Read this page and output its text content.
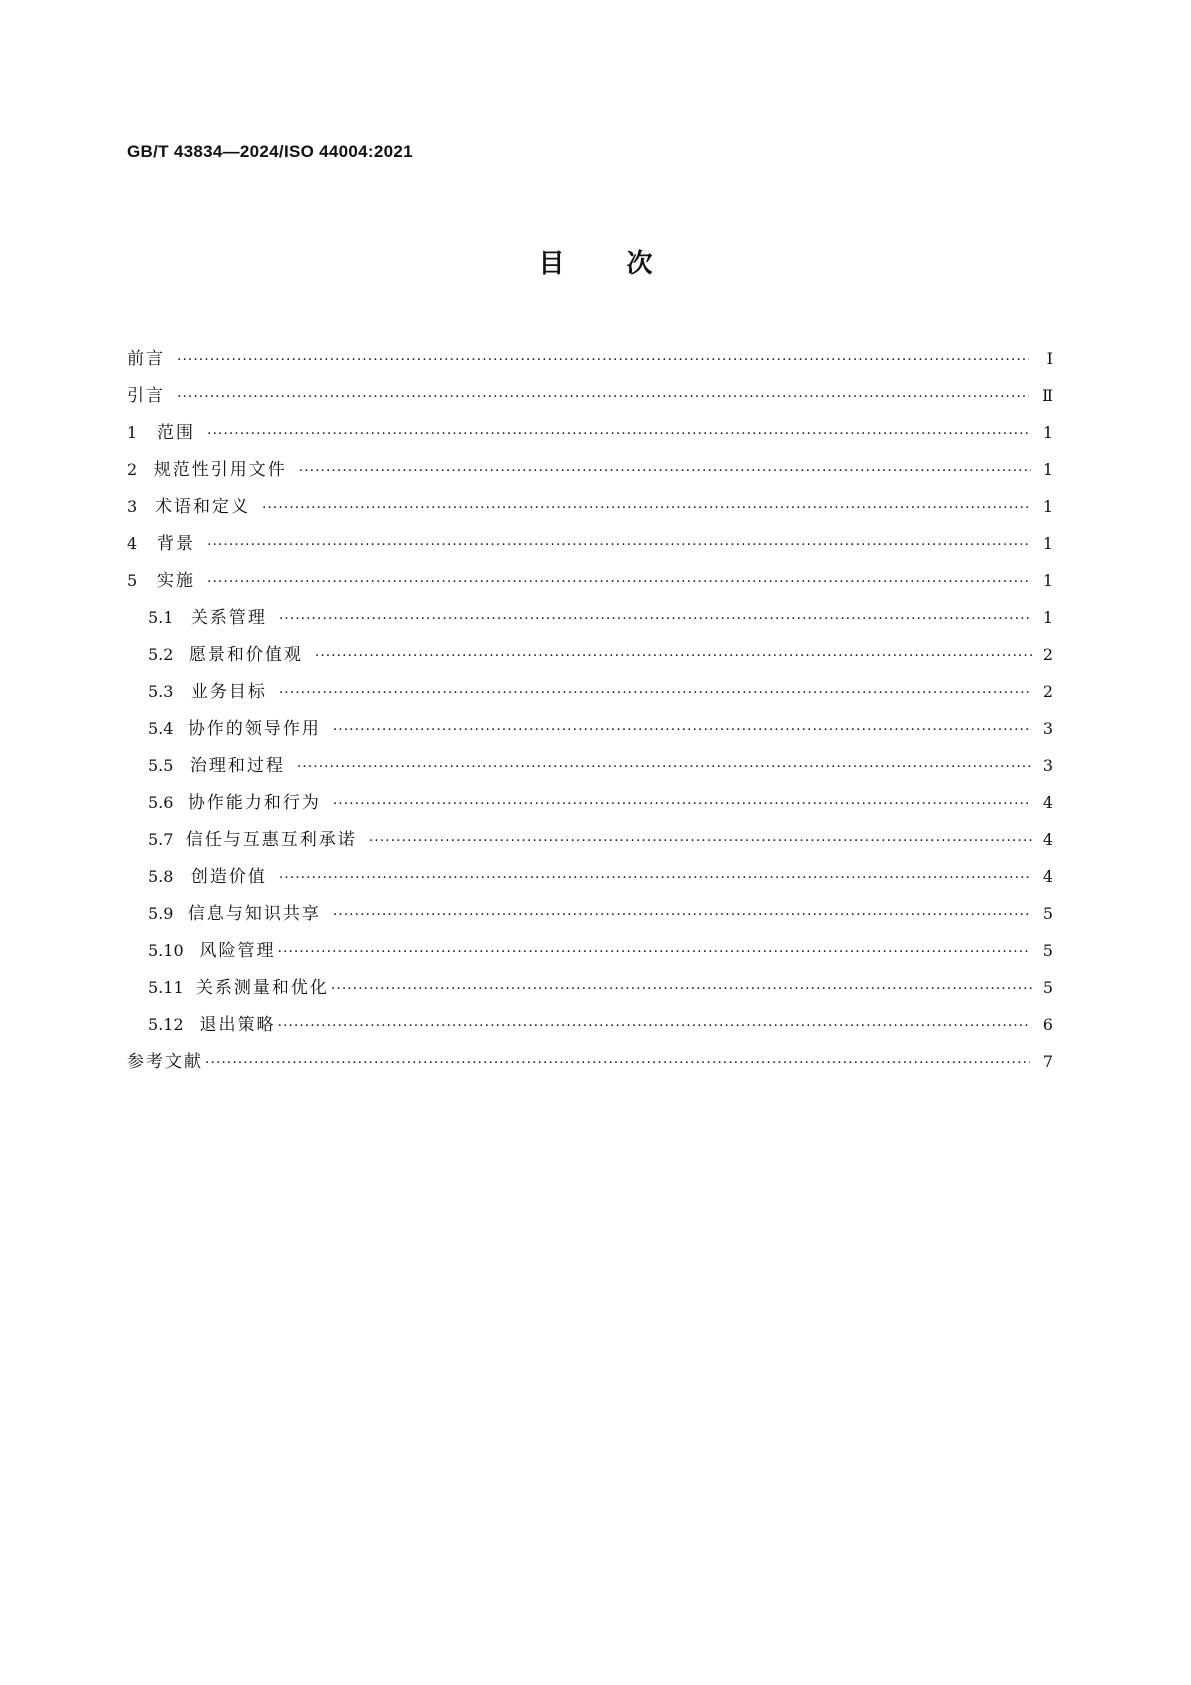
GB/T 43834—2024/ISO 44004:2021
目次
前言 ·····	Ⅰ
引言 ·····	Ⅱ
1	范围 ·····	1
2 规范性引用文件 ·····	1
3	术语和定义 ·····	1
4	背景 ·····	1
5	实施 ·····	1
5.1	关系管理 ·····	1
5.2 愿景和价值观 ·····	2
5.3	业务目标 ·····	2
5.4 协作的领导作用 ·····	3
5.5 治理和过程 ·····	3
5.6 协作能力和行为 ·····	4
5.7 信任与互惠互利承诺 ·····	4
5.8	创造价值 ·····	4
5.9 信息与知识共享 ·····	5
5.10 风险管理 ·····	5
5.11 关系测量和优化 ·····	5
5.12 退出策略 ·····	6
参考文献 ·····	7
